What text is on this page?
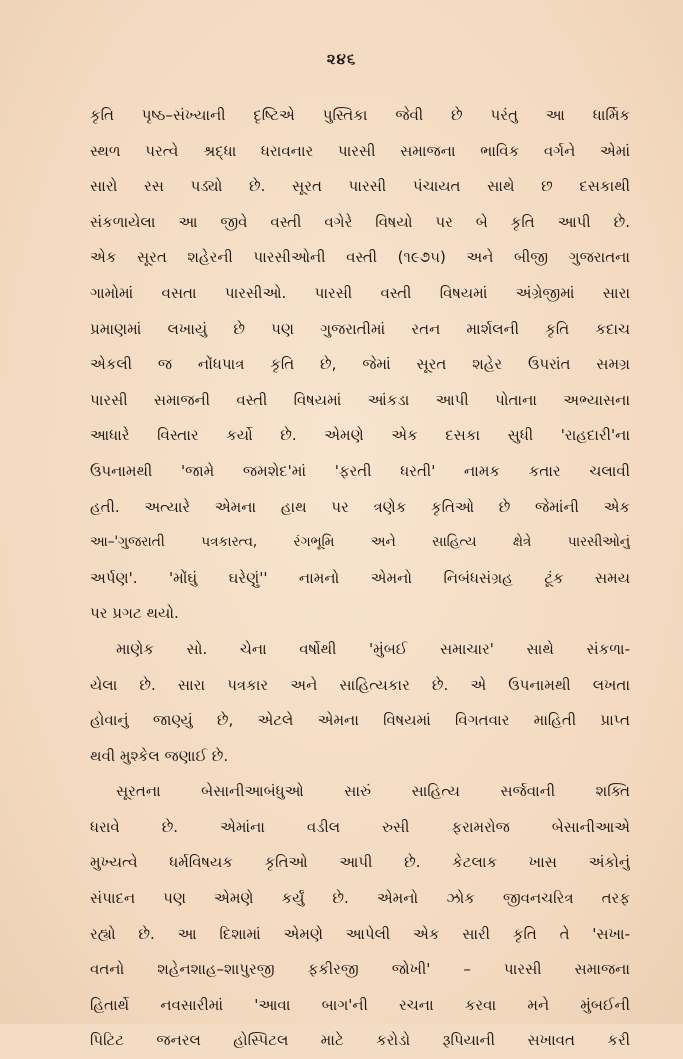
૨૪૬
કૃતિ પૃષ્ઠ–સંખ્યાની દૃષ્ટિએ પુસ્તિકા જેવી છે પરંતુ આ ધાર્મિક
સ્થળ પરત્વે શ્રદ્ધા ધરાવનાર પારસી સમાજના ભાવિક વર્ગને એમાં
સારો રસ પડ્યો છે. સૂરત પારસી પંચાયત સાથે છ દસકાથી
સંકળાયેલા આ જીવે વસ્તી વગેરે વિષયો પર બે કૃતિ આપી છે.
એક સૂરત શહેરની પારસીઓની વસ્તી (૧૯૭૫) અને બીજી ગુજરાતના
ગામોમાં વસતા પારસીઓ. પારસી વસ્તી વિષયમાં અંગ્રેજીમાં સારા
પ્રમાણમાં લખાયું છે પણ ગુજરાતીમાં રતન માર્શલની કૃતિ કદાચ
એકલી જ નોંધપાત્ર કૃતિ છે, જેમાં સૂરત શહેર ઉપરાંત સમગ્ર
પારસી સમાજની વસ્તી વિષયમાં આંકડા આપી પોતાના અભ્યાસના
આધારે વિસ્તાર કર્યો છે. એમણે એક દસકા સુધી 'રાહદારી'ના
ઉપનામથી 'જામે જમશેદ'માં 'ફરતી ધરતી' નામક કતાર ચલાવી
હતી. અત્યારે એમના હાથ પર ત્રણેક કૃતિઓ છે જેમાંની એક
આ–'ગુજરાતી પત્રકારત્વ, રંગભૂમિ અને સાહિત્ય ક્ષેત્રે પારસીઓનું
અર્પણ'. 'મોંઘું ઘરેણું'' નામનો એમનો નિબંધસંગ્રહ ટૂંક સમય
પર પ્રગટ થયો.
માણેક સો. ચેના વર્ષોથી 'મુંબઈ સમાચાર' સાથે સંકળા-
યેલા છે. સારા પત્રકાર અને સાહિત્યકાર છે. એ ઉપનામથી લખતા
હોવાનું જાણ્યું છે, એટલે એમના વિષયમાં વિગતવાર માહિતી પ્રાપ્ત
થવી મુશ્કેલ જણાઈ છે.
સૂરતના બેસાનીઆબંધુઓ સારું સાહિત્ય સર્જવાની શક્તિ
ધરાવે છે. એમાંના વડીલ રુસી ફરામરોજ બેસાનીઆએ
મુખ્યત્વે ધર્મવિષયક કૃતિઓ આપી છે. કેટલાક ખાસ અંકોનું
સંપાદન પણ એમણે કર્યું છે. એમનો ઝોક જીવનચરિત્ર તરફ
રહ્યો છે. આ દિશામાં એમણે આપેલી એક સારી કૃતિ તે 'સખા-
વતનો શહેનશાહ–શાપુરજી ફકીરજી જોખી' – પારસી સમાજના
હિતાર્થે નવસારીમાં 'આવા બાગ'ની રચના કરવા મને મુંબઈની
પિટિટ જનરલ હોસ્પિટલ માટે કરોડો રૂપિયાની સખાવત કરી
